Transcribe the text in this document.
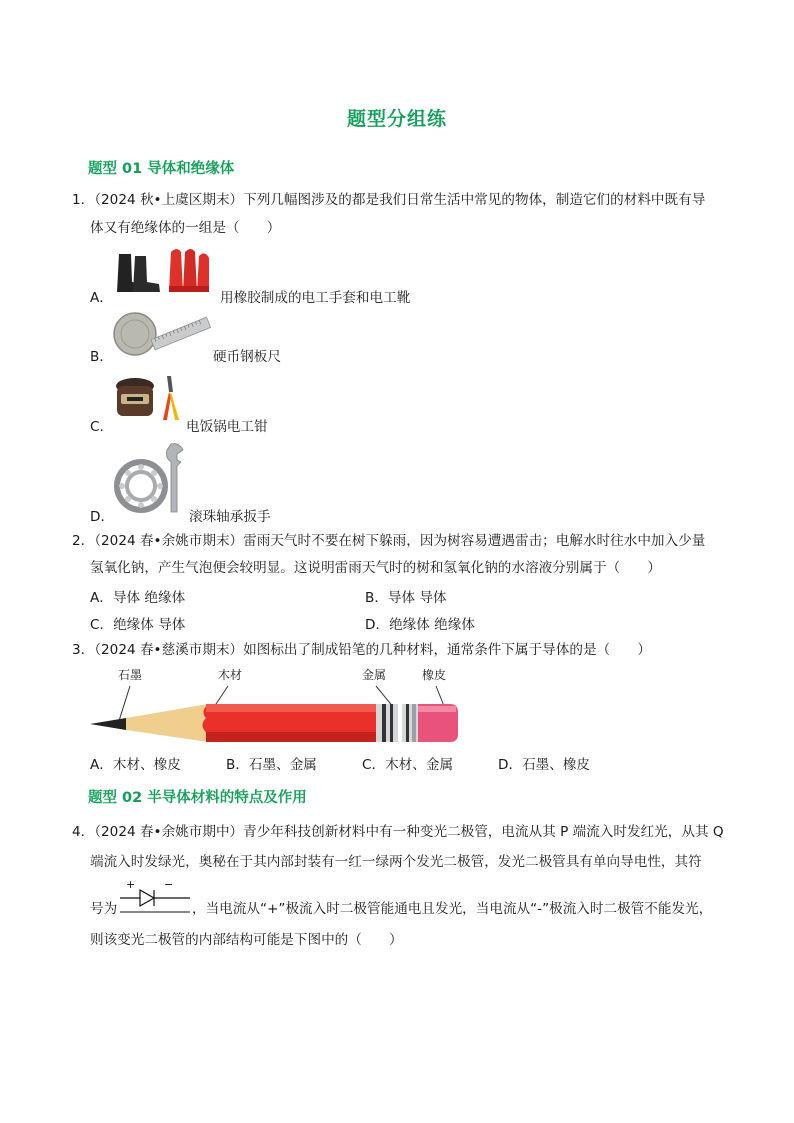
题型分组练
题型 01 导体和绝缘体
1．（2024 秋•上虞区期末）下列几幅图涉及的都是我们日常生活中常见的物体，制造它们的材料中既有导
体又有绝缘体的一组是（　　）
A．	用橡胶制成的电工手套和电工靴
B．	硬币钢板尺
C．	电饭锅电工钳
D．	滚珠轴承扳手
2．（2024 春•余姚市期末）雷雨天气时不要在树下躲雨，因为树容易遭遇雷击；电解水时往水中加入少量
氢氧化钠，产生气泡便会较明显。这说明雷雨天气时的树和氢氧化钠的水溶液分别属于（　　）
A．导体 绝缘体	B．导体 导体
C．绝缘体 导体	D．绝缘体 绝缘体
3．（2024 春•慈溪市期末）如图标出了制成铅笔的几种材料，通常条件下属于导体的是（　　）
石墨	木材	金属	橡皮
A．木材、橡皮	B．石墨、金属	C．木材、金属	D．石墨、橡皮
题型 02 半导体材料的特点及作用
4．（2024 春•余姚市期中）青少年科技创新材料中有一种变光二极管，电流从其 P 端流入时发红光，从其 Q
端流入时发绿光，奥秘在于其内部封装有一红一绿两个发光二极管，发光二极管具有单向导电性，其符
号为
+	−
，当电流从“+”极流入时二极管能通电且发光，当电流从“-”极流入时二极管不能发光，
则该变光二极管的内部结构可能是下图中的（　　）
